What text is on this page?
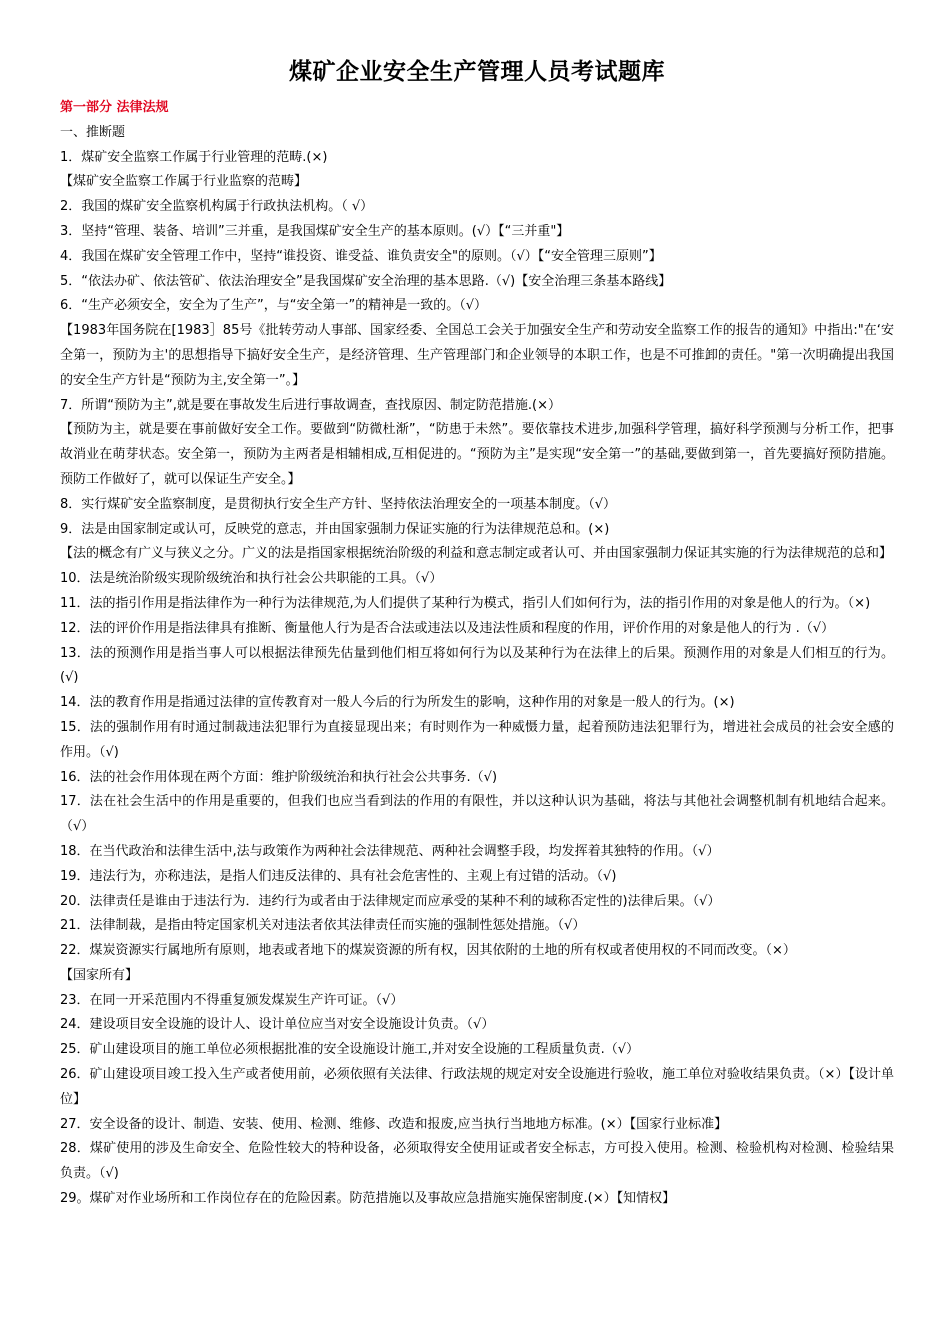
煤矿企业安全生产管理人员考试题库
第一部分 法律法规
一、推断题
1．煤矿安全监察工作属于行业管理的范畴.(×)
【煤矿安全监察工作属于行业监察的范畴】
2．我国的煤矿安全监察机构属于行政执法机构。（ √）
3．坚持“管理、装备、培训”三并重，是我国煤矿安全生产的基本原则。(√）【“三并重"】
4．我国在煤矿安全管理工作中，坚持“谁投资、谁受益、谁负责安全"的原则。（√）【“安全管理三原则”】
5．“依法办矿、依法管矿、依法治理安全”是我国煤矿安全治理的基本思路.（√)【安全治理三条基本路线】
6．“生产必须安全，安全为了生产”，与“安全第一”的精神是一致的。（√）
【1983年国务院在[1983］85号《批转劳动人事部、国家经委、全国总工会关于加强安全生产和劳动安全监察工作的报告的通知》中指出:"在‘安全第一，预防为主'的思想指导下搞好安全生产，是经济管理、生产管理部门和企业领导的本职工作，也是不可推卸的责任。"第一次明确提出我国的安全生产方针是“预防为主,安全第一”。】
7．所谓“预防为主”,就是要在事故发生后进行事故调查，查找原因、制定防范措施.(×）
【预防为主，就是要在事前做好安全工作。要做到“防微杜渐”，“防患于未然”。要依靠技术进步,加强科学管理，搞好科学预测与分析工作，把事故消业在萌芽状态。安全第一，预防为主两者是相辅相成,互相促进的。“预防为主”是实现“安全第一”的基础,要做到第一，首先要搞好预防措施。预防工作做好了，就可以保证生产安全。】
8．实行煤矿安全监察制度，是贯彻执行安全生产方针、坚持依法治理安全的一项基本制度。（√）
9．法是由国家制定或认可，反映党的意志，并由国家强制力保证实施的行为法律规范总和。(×)
【法的概念有广义与狭义之分。广义的法是指国家根据统治阶级的利益和意志制定或者认可、并由国家强制力保证其实施的行为法律规范的总和】
10．法是统治阶级实现阶级统治和执行社会公共职能的工具。（√）
11．法的指引作用是指法律作为一种行为法律规范,为人们提供了某种行为模式，指引人们如何行为，法的指引作用的对象是他人的行为。（×)
12．法的评价作用是指法律具有推断、衡量他人行为是否合法或违法以及违法性质和程度的作用，评价作用的对象是他人的行为 .（√）
13．法的预测作用是指当事人可以根据法律预先估量到他们相互将如何行为以及某种行为在法律上的后果。预测作用的对象是人们相互的行为。(√)
14．法的教育作用是指通过法律的宣传教育对一般人今后的行为所发生的影响，这种作用的对象是一般人的行为。(×)
15．法的强制作用有时通过制裁违法犯罪行为直接显现出来；有时则作为一种威慑力量，起着预防违法犯罪行为，增进社会成员的社会安全感的作用。（√)
16．法的社会作用体现在两个方面：维护阶级统治和执行社会公共事务.（√)
17．法在社会生活中的作用是重要的，但我们也应当看到法的作用的有限性，并以这种认识为基础，将法与其他社会调整机制有机地结合起来。（√）
18．在当代政治和法律生活中,法与政策作为两种社会法律规范、两种社会调整手段，均发挥着其独特的作用。（√）
19．违法行为，亦称违法，是指人们违反法律的、具有社会危害性的、主观上有过错的活动。（√)
20．法律责任是谁由于违法行为．违约行为或者由于法律规定而应承受的某种不利的域称否定性的)法律后果。（√）
21．法律制裁，是指由特定国家机关对违法者依其法律责任而实施的强制性惩处措施。（√）
22．煤炭资源实行属地所有原则，地表或者地下的煤炭资源的所有权，因其依附的土地的所有权或者使用权的不同而改变。（×）
【国家所有】
23．在同一开采范围内不得重复颁发煤炭生产许可证。（√）
24．建设项目安全设施的设计人、设计单位应当对安全设施设计负责。（√）
25．矿山建设项目的施工单位必须根据批准的安全设施设计施工,并对安全设施的工程质量负责.（√）
26．矿山建设项目竣工投入生产或者使用前，必须依照有关法律、行政法规的规定对安全设施进行验收，施工单位对验收结果负责。（×）【设计单位】
27．安全设备的设计、制造、安装、使用、检测、维修、改造和报废,应当执行当地地方标准。(×）【国家行业标准】
28．煤矿使用的涉及生命安全、危险性较大的特种设备，必须取得安全使用证或者安全标志，方可投入使用。检测、检验机构对检测、检验结果负责。（√)
29。煤矿对作业场所和工作岗位存在的危险因素。防范措施以及事故应急措施实施保密制度.(×）【知情权】
